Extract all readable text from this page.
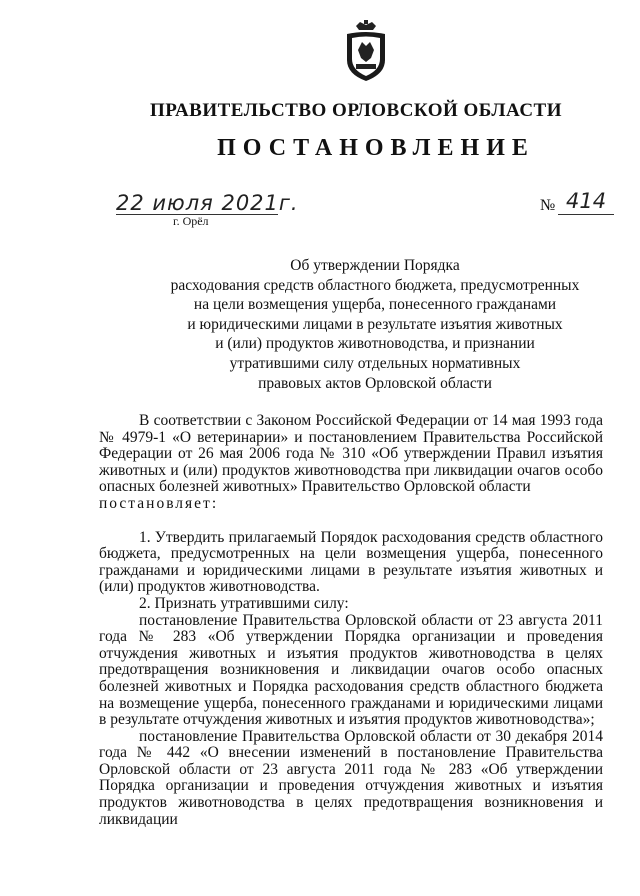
ПРАВИТЕЛЬСТВО ОРЛОВСКОЙ ОБЛАСТИ
ПОСТАНОВЛЕНИЕ
22 июля 2021г.
г. Орёл
№ 414
Об утверждении Порядка
расходования средств областного бюджета, предусмотренных
на цели возмещения ущерба, понесенного гражданами
и юридическими лицами в результате изъятия животных
и (или) продуктов животноводства, и признании
утратившими силу отдельных нормативных
правовых актов Орловской области

В соответствии с Законом Российской Федерации от 14 мая 1993 года № 4979-1 «О ветеринарии» и постановлением Правительства Российской Федерации от 26 мая 2006 года № 310 «Об утверждении Правил изъятия животных и (или) продуктов животноводства при ликвидации очагов особо опасных болезней животных» Правительство Орловской области

постановляет:

1. Утвердить прилагаемый Порядок расходования средств областного бюджета, предусмотренных на цели возмещения ущерба, понесенного гражданами и юридическими лицами в результате изъятия животных и (или) продуктов животноводства.

2. Признать утратившими силу:

постановление Правительства Орловской области от 23 августа 2011 года № 283 «Об утверждении Порядка организации и проведения отчуждения животных и изъятия продуктов животноводства в целях предотвращения возникновения и ликвидации очагов особо опасных болезней животных и Порядка расходования средств областного бюджета на возмещение ущерба, понесенного гражданами и юридическими лицами в результате отчуждения животных и изъятия продуктов животноводства»;

постановление Правительства Орловской области от 30 декабря 2014 года № 442 «О внесении изменений в постановление Правительства Орловской области от 23 августа 2011 года № 283 «Об утверждении Порядка организации и проведения отчуждения животных и изъятия продуктов животноводства в целях предотвращения возникновения и ликвидации
